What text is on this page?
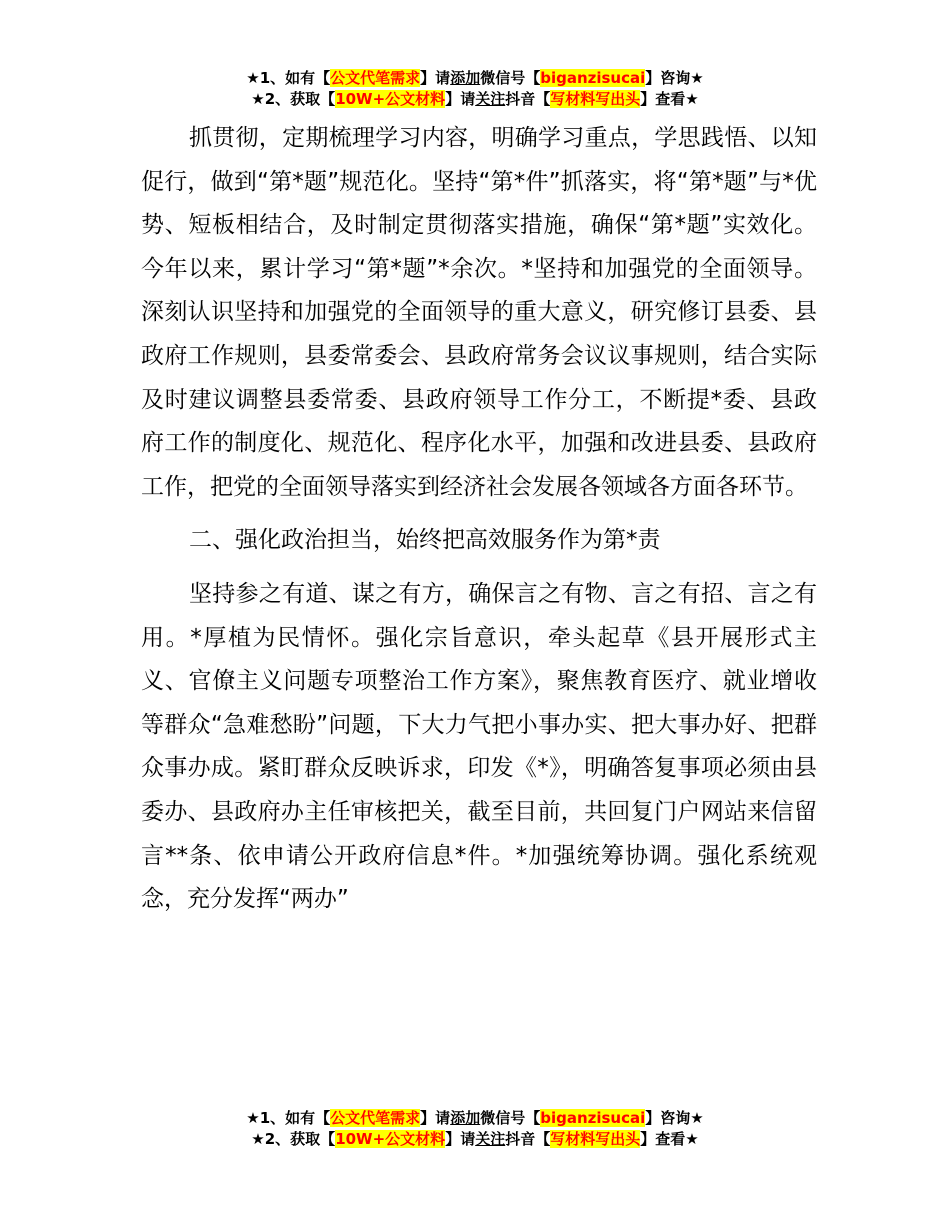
★1、如有【公文代笔需求】请添加微信号【biganzisucai】咨询★
★2、获取【10W+公文材料】请关注抖音【写材料写出头】查看★

抓贯彻，定期梳理学习内容，明确学习重点，学思践悟、以知促行，做到“第*题”规范化。坚持“第*件”抓落实，将“第*题”与*优势、短板相结合，及时制定贯彻落实措施，确保“第*题”实效化。今年以来，累计学习“第*题”*余次。*坚持和加强党的全面领导。深刻认识坚持和加强党的全面领导的重大意义，研究修订县委、县政府工作规则，县委常委会、县政府常务会议议事规则，结合实际及时建议调整县委常委、县政府领导工作分工，不断提*委、县政府工作的制度化、规范化、程序化水平，加强和改进县委、县政府工作，把党的全面领导落实到经济社会发展各领域各方面各环节。

二、强化政治担当，始终把高效服务作为第*责

坚持参之有道、谋之有方，确保言之有物、言之有招、言之有用。*厚植为民情怀。强化宗旨意识，牵头起草《县开展形式主义、官僚主义问题专项整治工作方案》，聚焦教育医疗、就业增收等群众“急难愁盼”问题，下大力气把小事办实、把大事办好、把群众事办成。紧盯群众反映诉求，印发《*》，明确答复事项必须由县委办、县政府办主任审核把关，截至目前，共回复门户网站来信留言**条、依申请公开政府信息*件。*加强统筹协调。强化系统观念，充分发挥“两办”

★1、如有【公文代笔需求】请添加微信号【biganzisucai】咨询★
★2、获取【10W+公文材料】请关注抖音【写材料写出头】查看★
